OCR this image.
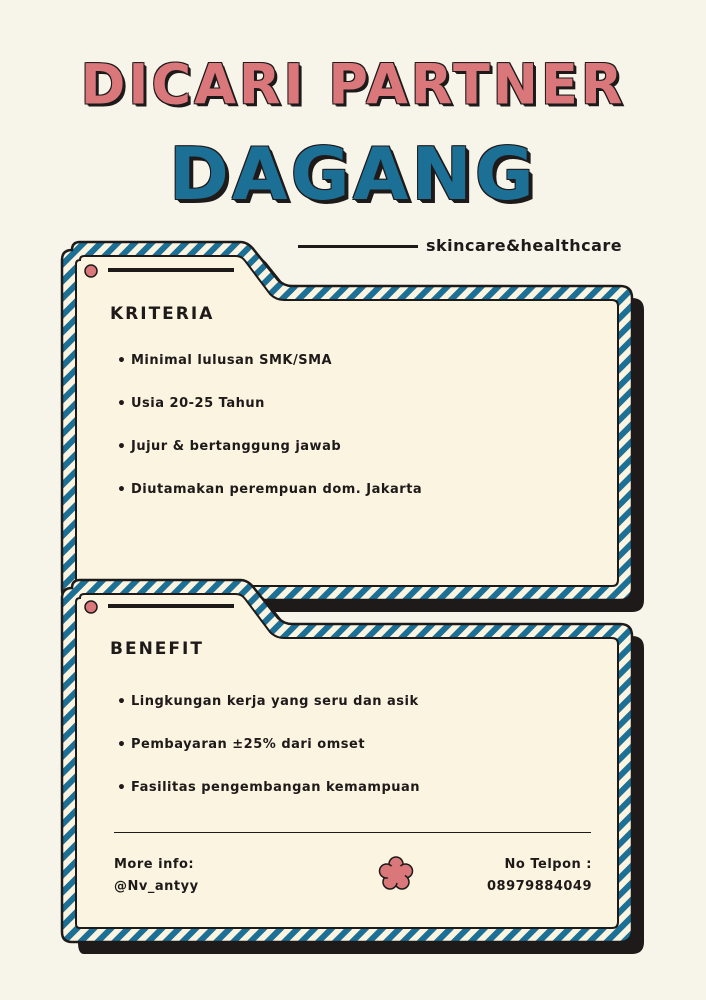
DICARI PARTNER
DAGANG
skincare&healthcare
KRITERIA
• Minimal lulusan SMK/SMA
• Usia 20-25 Tahun
• Jujur & bertanggung jawab
• Diutamakan perempuan dom. Jakarta
BENEFIT
• Lingkungan kerja yang seru dan asik
• Pembayaran ±25% dari omset
• Fasilitas pengembangan kemampuan
More info:
@Nv_antyy
No Telpon :
08979884049
